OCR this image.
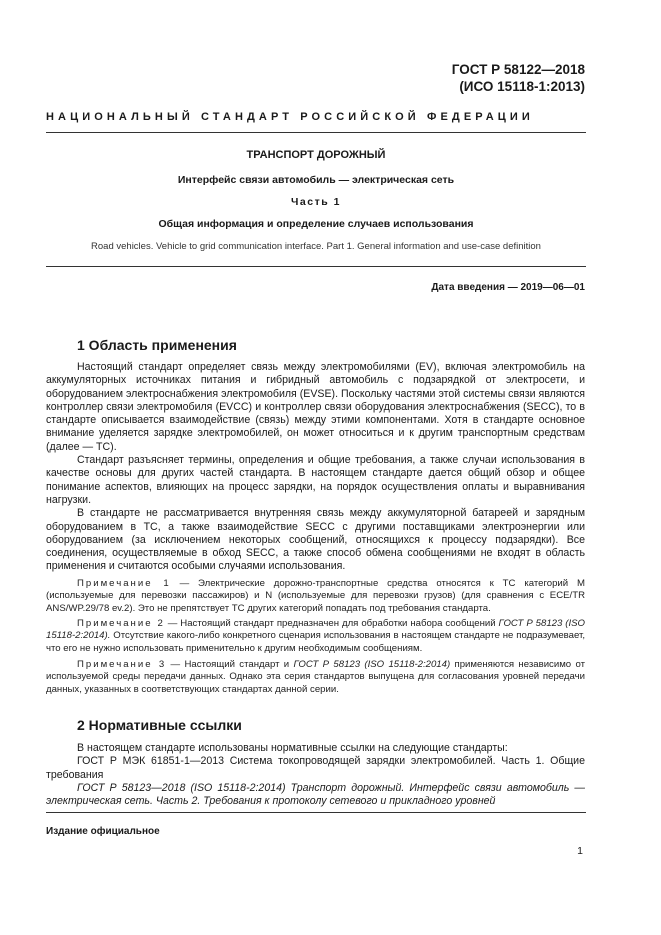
ГОСТ Р 58122—2018
(ИСО 15118-1:2013)
НАЦИОНАЛЬНЫЙ СТАНДАРТ РОССИЙСКОЙ ФЕДЕРАЦИИ
ТРАНСПОРТ ДОРОЖНЫЙ
Интерфейс связи автомобиль — электрическая сеть
Часть 1
Общая информация и определение случаев использования
Road vehicles. Vehicle to grid communication interface. Part 1. General information and use-case definition
Дата введения — 2019—06—01
1 Область применения

Настоящий стандарт определяет связь между электромобилями (EV), включая электромобиль на аккумуляторных источниках питания и гибридный автомобиль с подзарядкой от электросети, и оборудованием электроснабжения электромобиля (EVSE). Поскольку частями этой системы связи являются контроллер связи электромобиля (EVCC) и контроллер связи оборудования электроснабжения (SECC), то в стандарте описывается взаимодействие (связь) между этими компонентами. Хотя в стандарте основное внимание уделяется зарядке электромобилей, он может относиться и к другим транспортным средствам (далее — ТС).

Стандарт разъясняет термины, определения и общие требования, а также случаи использования в качестве основы для других частей стандарта. В настоящем стандарте дается общий обзор и общее понимание аспектов, влияющих на процесс зарядки, на порядок осуществления оплаты и выравнивания нагрузки.

В стандарте не рассматривается внутренняя связь между аккумуляторной батареей и зарядным оборудованием в ТС, а также взаимодействие SECC с другими поставщиками электроэнергии или оборудованием (за исключением некоторых сообщений, относящихся к процессу подзарядки). Все соединения, осуществляемые в обход SECC, а также способ обмена сообщениями не входят в область применения и считаются особыми случаями использования.

Примечание 1 — Электрические дорожно-транспортные средства относятся к ТС категорий M (используемые для перевозки пассажиров) и N (используемые для перевозки грузов) (для сравнения с ECE/TR ANS/WP.29/78 ev.2). Это не препятствует ТС других категорий попадать под требования стандарта.

Примечание 2 — Настоящий стандарт предназначен для обработки набора сообщений ГОСТ Р 58123 (ISO 15118-2:2014). Отсутствие какого-либо конкретного сценария использования в настоящем стандарте не подразумевает, что его не нужно использовать применительно к другим необходимым сообщениям.

Примечание 3 — Настоящий стандарт и ГОСТ Р 58123 (ISO 15118-2:2014) применяются независимо от используемой среды передачи данных. Однако эта серия стандартов выпущена для согласования уровней передачи данных, указанных в соответствующих стандартах данной серии.

2 Нормативные ссылки

В настоящем стандарте использованы нормативные ссылки на следующие стандарты:

ГОСТ Р МЭК 61851-1—2013 Система токопроводящей зарядки электромобилей. Часть 1. Общие требования

ГОСТ Р 58123—2018 (ISO 15118-2:2014) Транспорт дорожный. Интерфейс связи автомобиль — электрическая сеть. Часть 2. Требования к протоколу сетевого и прикладного уровней

Издание официальное
1
